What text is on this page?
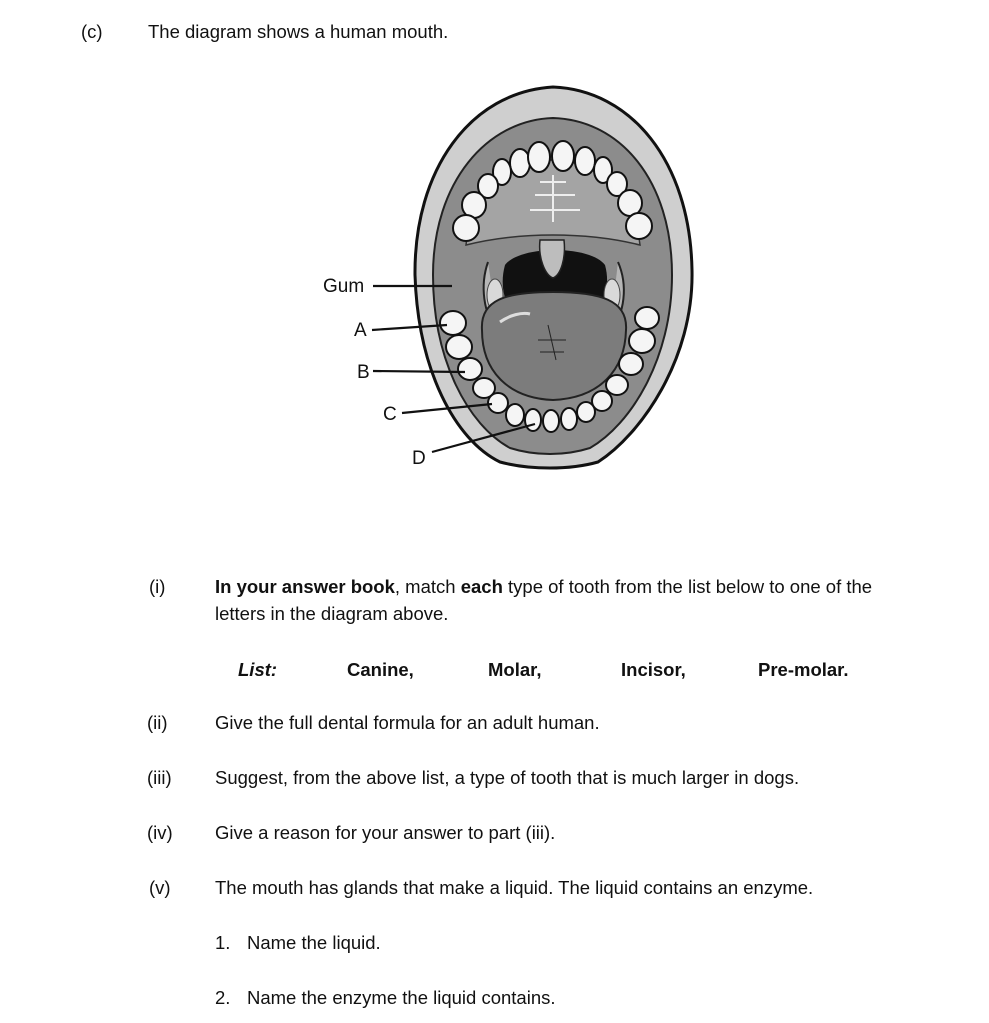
(c) The diagram shows a human mouth.
Gum
A
B
C
D
(i)	In your answer book, match each type of tooth from the list below to one of the
letters in the diagram above.
List:	Canine,	Molar,	Incisor,	Pre-molar.
(ii)	Give the full dental formula for an adult human.
(iii) Suggest, from the above list, a type of tooth that is much larger in dogs.
(iv) Give a reason for your answer to part (iii).
(v) The mouth has glands that make a liquid. The liquid contains an enzyme.
1. Name the liquid.
2. Name the enzyme the liquid contains.
